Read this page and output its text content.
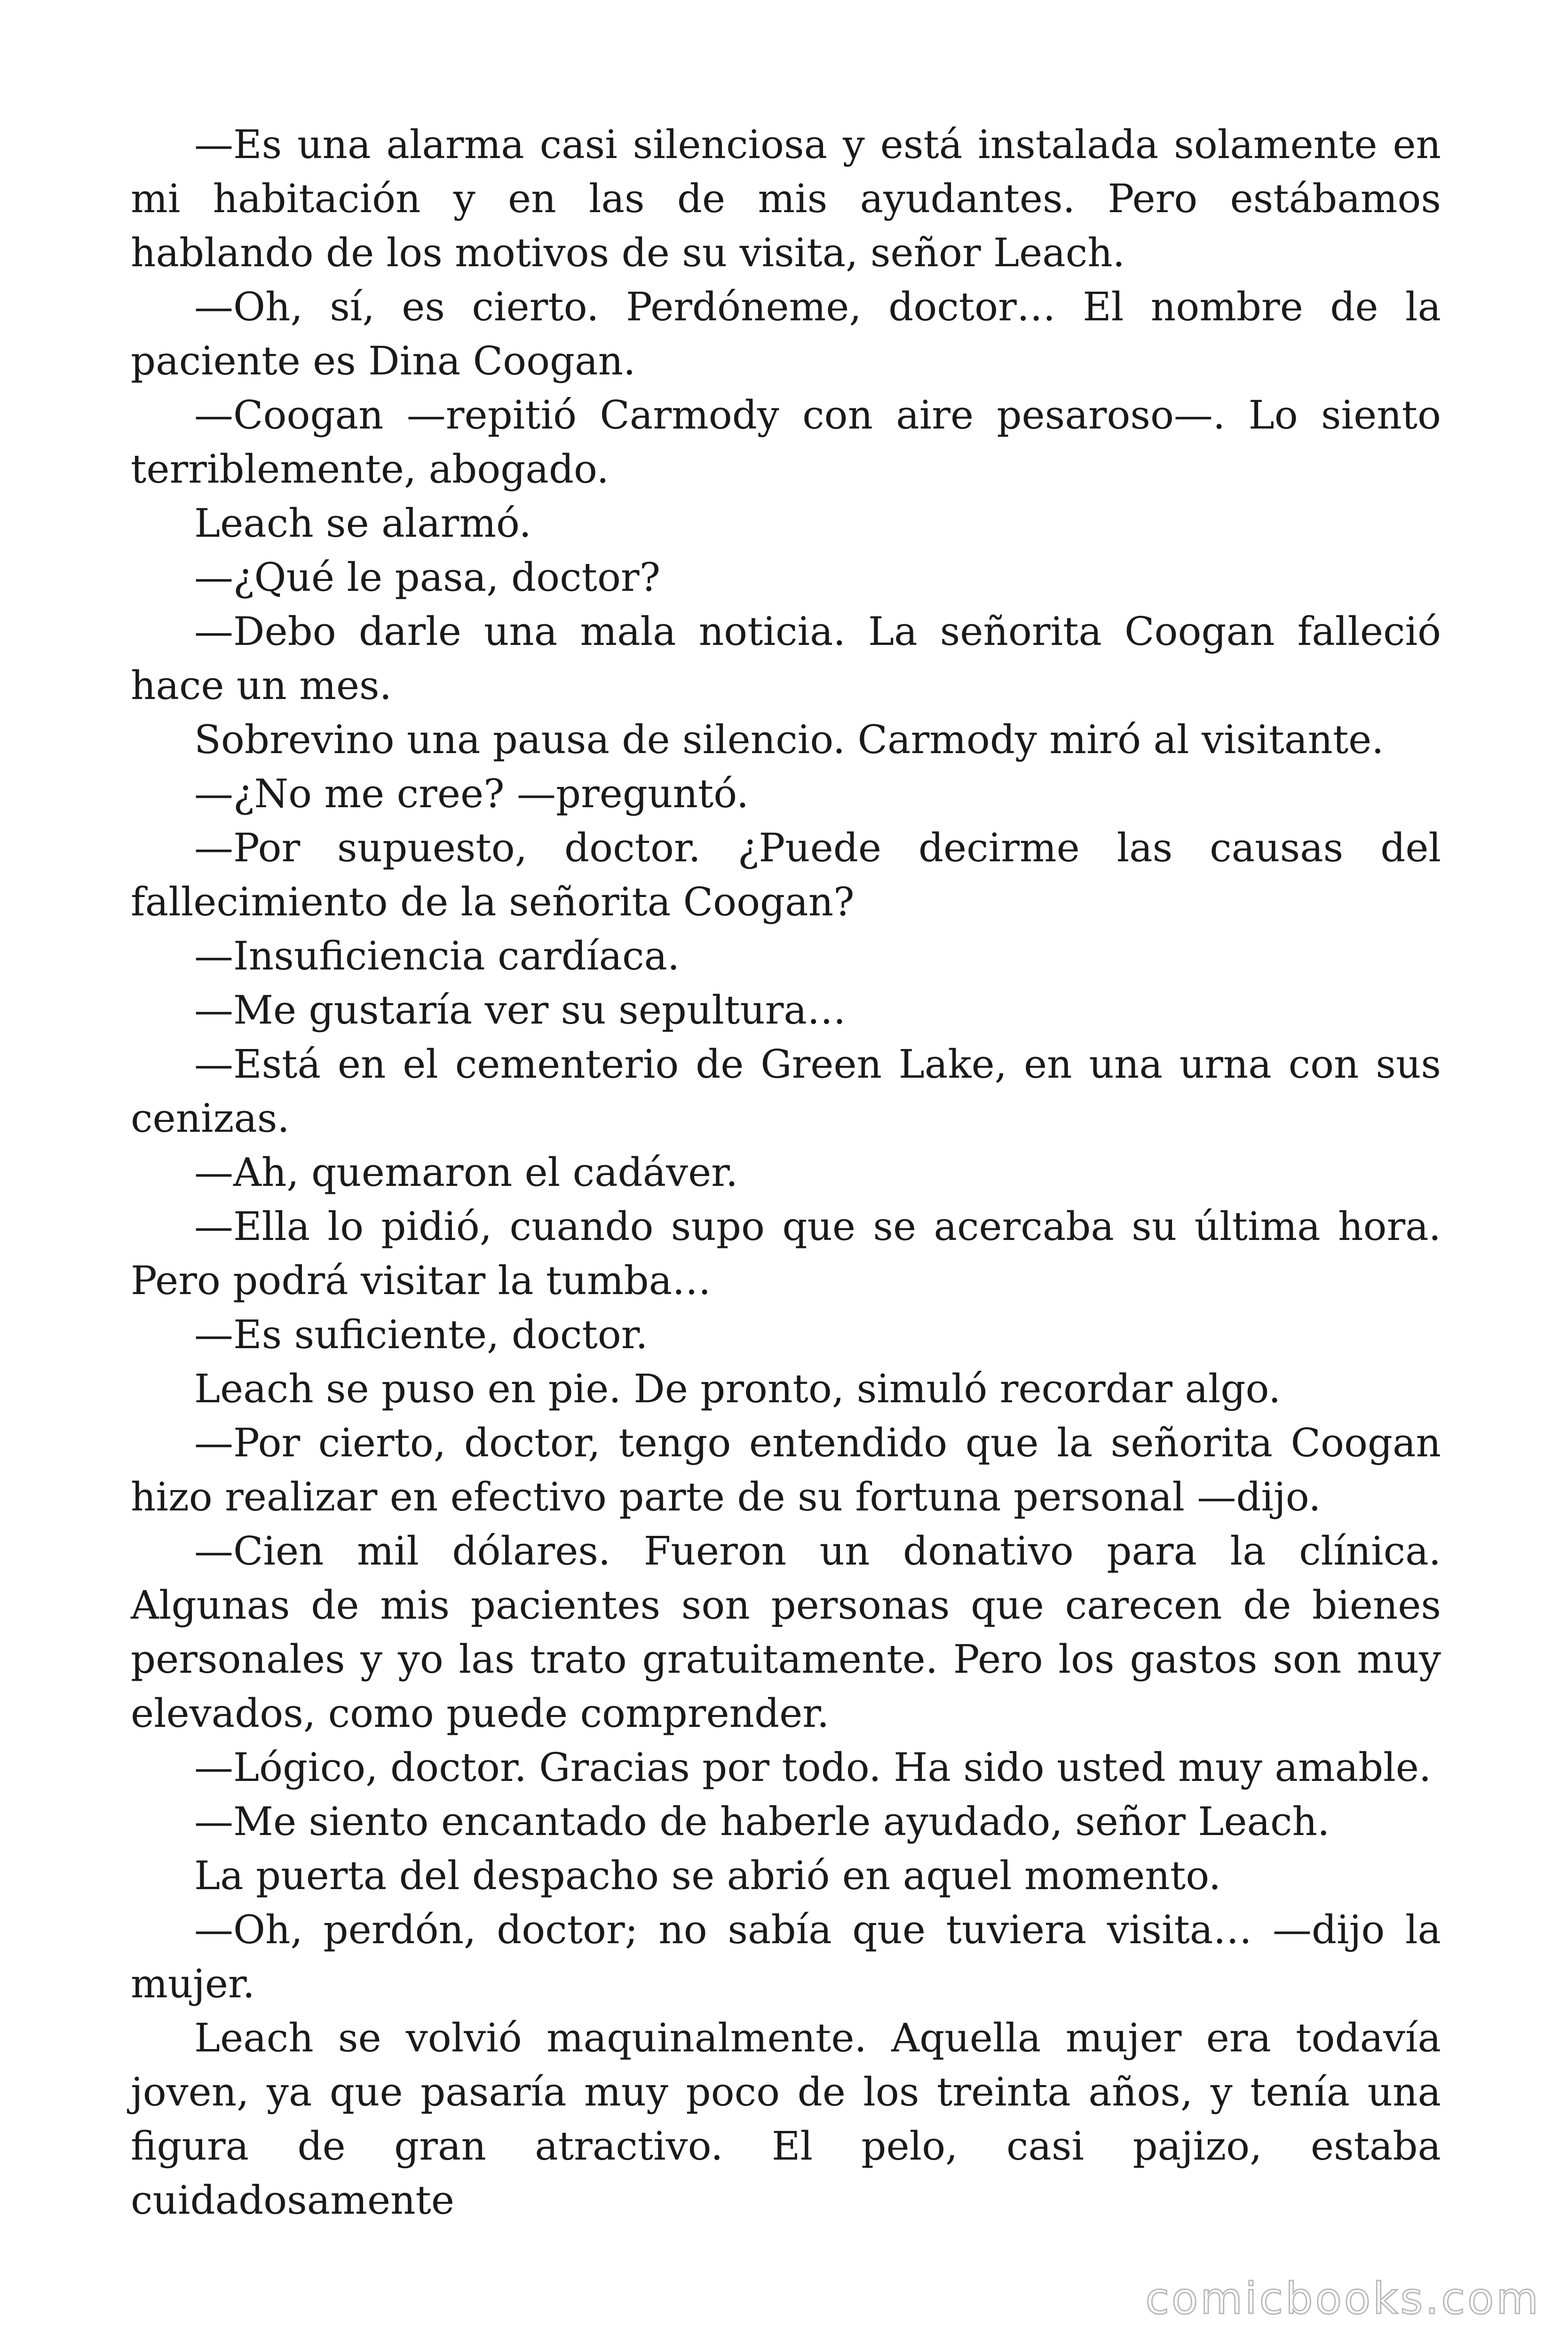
—Es una alarma casi silenciosa y está instalada solamente en mi habitación y en las de mis ayudantes. Pero estábamos hablando de los motivos de su visita, señor Leach.

—Oh, sí, es cierto. Perdóneme, doctor… El nombre de la paciente es Dina Coogan.

—Coogan —repitió Carmody con aire pesaroso—. Lo siento terriblemente, abogado.

Leach se alarmó.

—¿Qué le pasa, doctor?

—Debo darle una mala noticia. La señorita Coogan falleció hace un mes.

Sobrevino una pausa de silencio. Carmody miró al visitante.

—¿No me cree? —preguntó.

—Por supuesto, doctor. ¿Puede decirme las causas del fallecimiento de la señorita Coogan?

—Insuficiencia cardíaca.

—Me gustaría ver su sepultura…

—Está en el cementerio de Green Lake, en una urna con sus cenizas.

—Ah, quemaron el cadáver.

—Ella lo pidió, cuando supo que se acercaba su última hora. Pero podrá visitar la tumba…

—Es suficiente, doctor.

Leach se puso en pie. De pronto, simuló recordar algo.

—Por cierto, doctor, tengo entendido que la señorita Coogan hizo realizar en efectivo parte de su fortuna personal —dijo.

—Cien mil dólares. Fueron un donativo para la clínica. Algunas de mis pacientes son personas que carecen de bienes personales y yo las trato gratuitamente. Pero los gastos son muy elevados, como puede comprender.

—Lógico, doctor. Gracias por todo. Ha sido usted muy amable.

—Me siento encantado de haberle ayudado, señor Leach.

La puerta del despacho se abrió en aquel momento.

—Oh, perdón, doctor; no sabía que tuviera visita… —dijo la mujer.

Leach se volvió maquinalmente. Aquella mujer era todavía joven, ya que pasaría muy poco de los treinta años, y tenía una figura de gran atractivo. El pelo, casi pajizo, estaba cuidadosamente

comicbooks.com
